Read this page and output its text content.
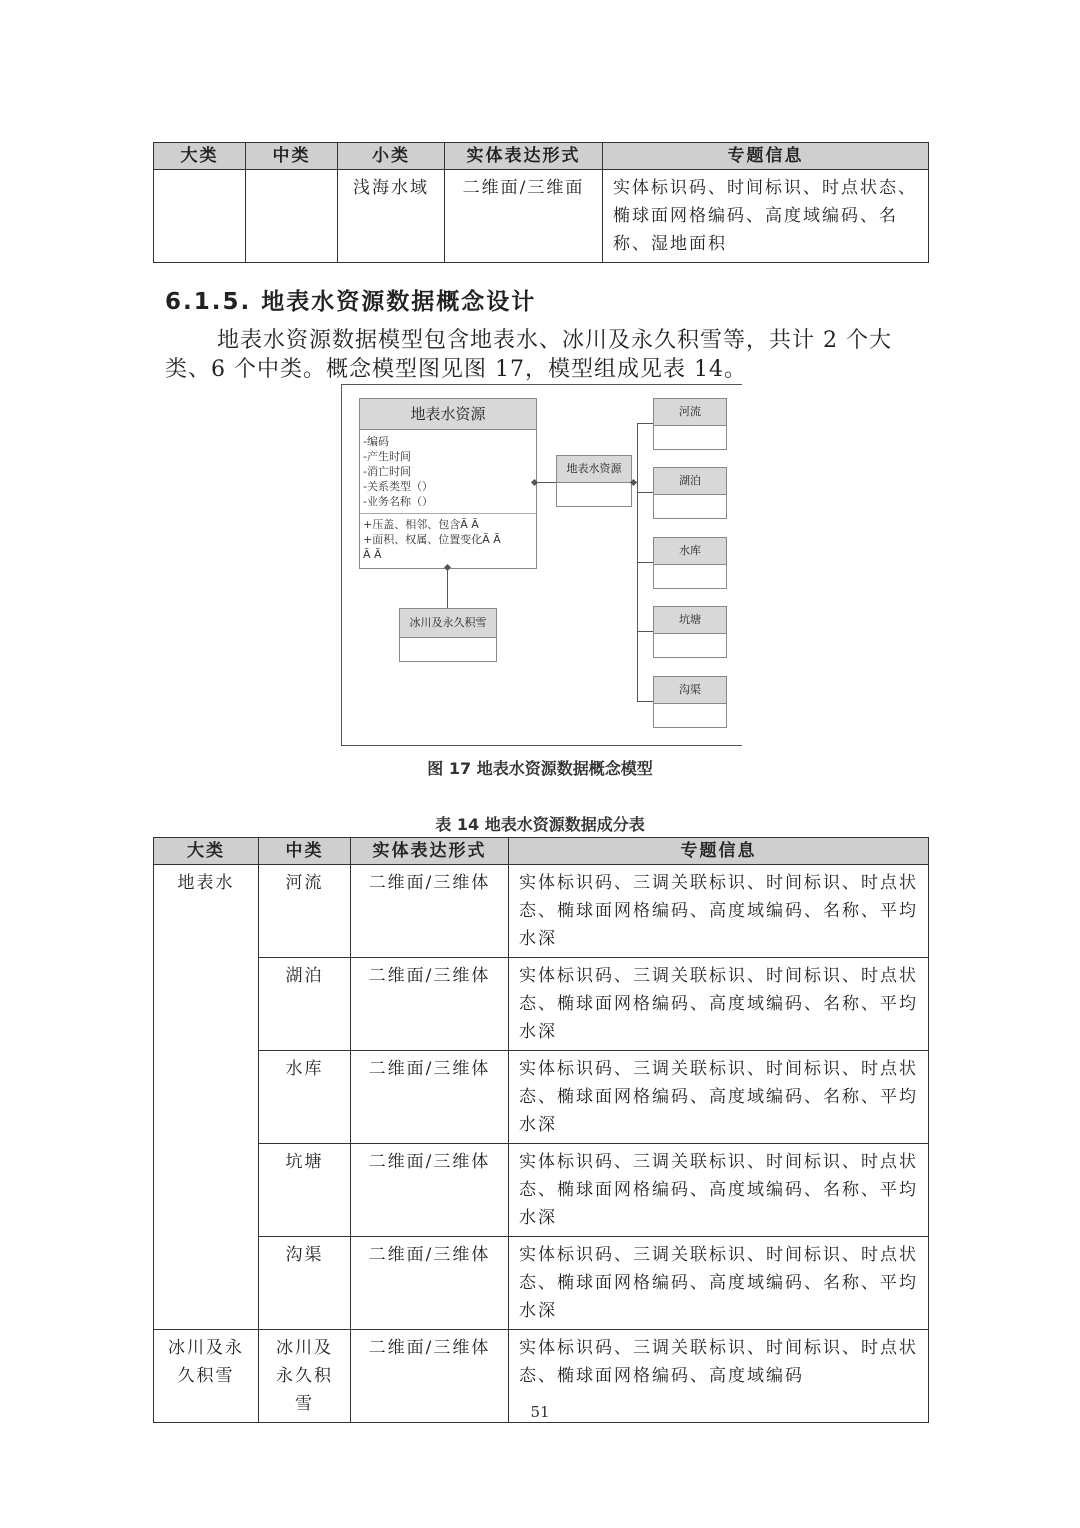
大类	中类	小类	实体表达形式	专题信息
		浅海水域	二维面/三维面	实体标识码、时间标识、时点状态、椭球面网格编码、高度域编码、名称、湿地面积
6.1.5. 地表水资源数据概念设计

地表水资源数据模型包含地表水、冰川及永久积雪等，共计 2 个大类、6 个中类。概念模型图见图 17，模型组成见表 14。

地表水资源
-编码
-产生时间
-消亡时间
-关系类型（）
-业务名称（）
+压盖、相邻、包含Ã Ã
+面积、权属、位置变化Ã Ã
Ã Ã
地表水资源
冰川及永久积雪
河流
湖泊
水库
坑塘
沟渠
图 17 地表水资源数据概念模型
表 14 地表水资源数据成分表
大类	中类	实体表达形式	专题信息
地表水	河流	二维面/三维体	实体标识码、三调关联标识、时间标识、时点状态、椭球面网格编码、高度域编码、名称、平均水深
	湖泊	二维面/三维体	实体标识码、三调关联标识、时间标识、时点状态、椭球面网格编码、高度域编码、名称、平均水深
	水库	二维面/三维体	实体标识码、三调关联标识、时间标识、时点状态、椭球面网格编码、高度域编码、名称、平均水深
	坑塘	二维面/三维体	实体标识码、三调关联标识、时间标识、时点状态、椭球面网格编码、高度域编码、名称、平均水深
	沟渠	二维面/三维体	实体标识码、三调关联标识、时间标识、时点状态、椭球面网格编码、高度域编码、名称、平均水深
冰川及永久积雪	冰川及永久积雪	二维面/三维体	实体标识码、三调关联标识、时间标识、时点状态、椭球面网格编码、高度域编码
51
